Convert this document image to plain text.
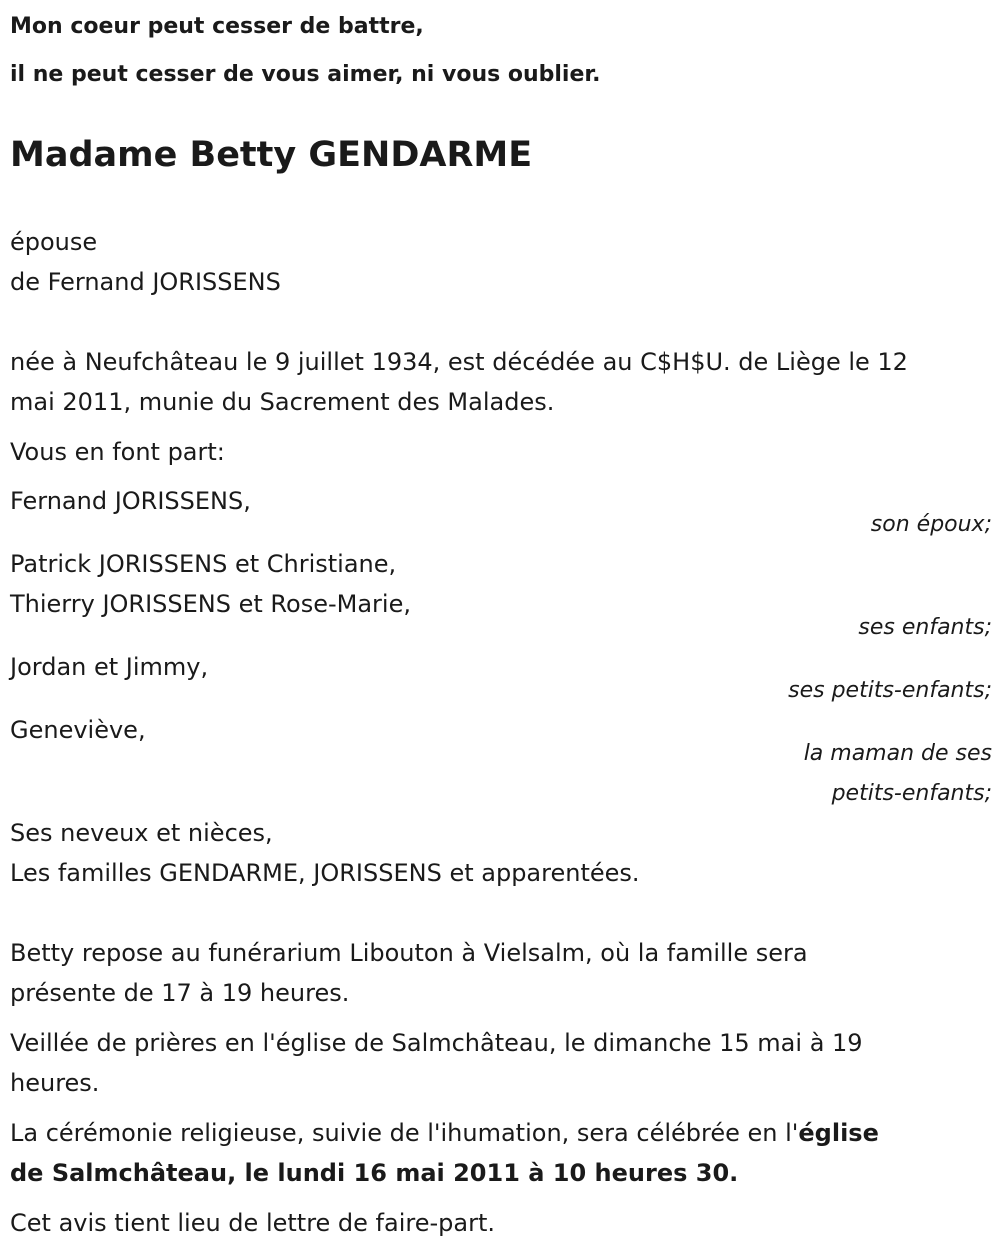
Mon coeur peut cesser de battre,
il ne peut cesser de vous aimer, ni vous oublier.
Madame Betty GENDARME
épouse
de Fernand JORISSENS
née à Neufchâteau le 9 juillet 1934, est décédée au C$H$U. de Liège le 12
mai 2011, munie du Sacrement des Malades.
Vous en font part:
Fernand JORISSENS,
son époux;
Patrick JORISSENS et Christiane,
Thierry JORISSENS et Rose-Marie,
ses enfants;
Jordan et Jimmy,
ses petits-enfants;
Geneviève,
la maman de ses
petits-enfants;
Ses neveux et nièces,
Les familles GENDARME, JORISSENS et apparentées.
Betty repose au funérarium Libouton à Vielsalm, où la famille sera
présente de 17 à 19 heures.
Veillée de prières en l'église de Salmchâteau, le dimanche 15 mai à 19
heures.
La cérémonie religieuse, suivie de l'ihumation, sera célébrée en l'église
de Salmchâteau, le lundi 16 mai 2011 à 10 heures 30.
Cet avis tient lieu de lettre de faire-part.
